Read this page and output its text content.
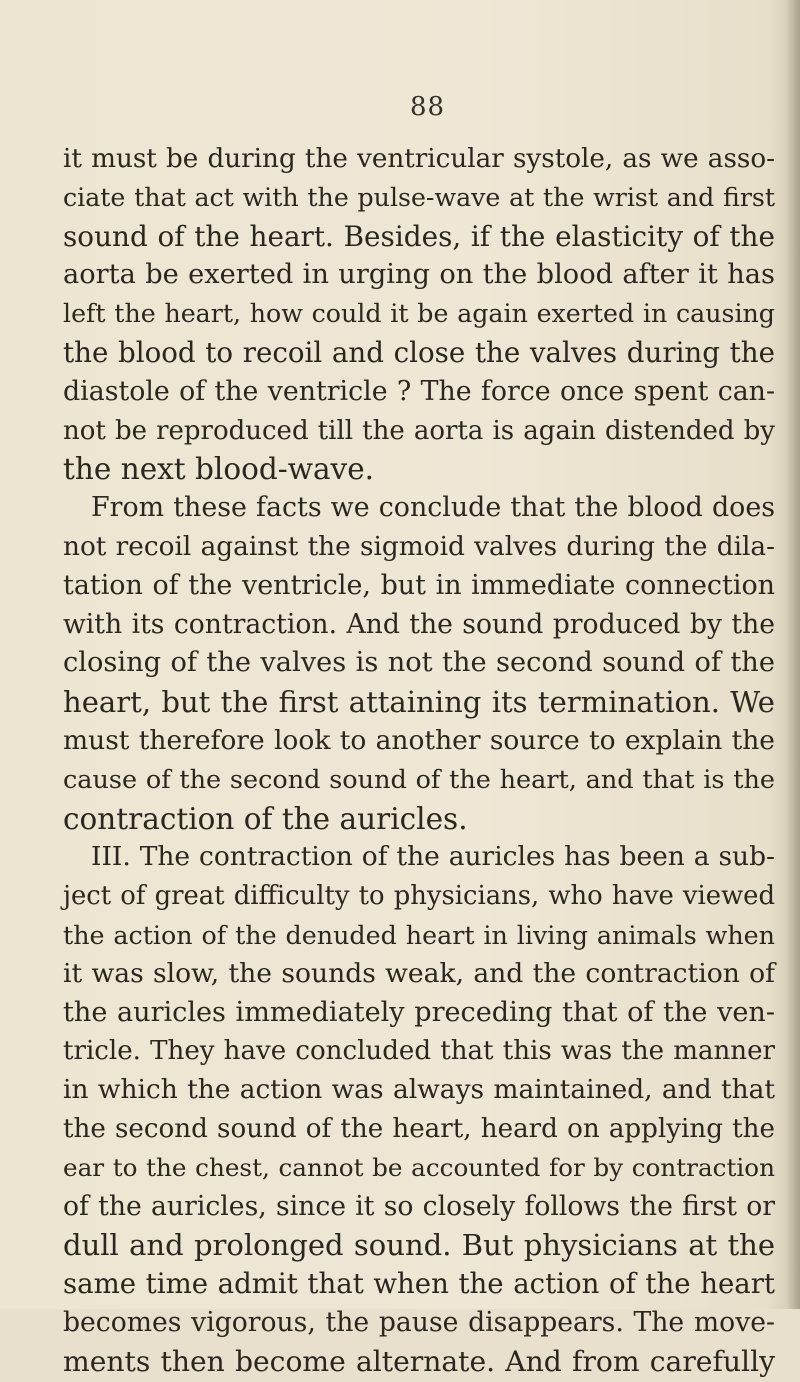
88
it must be during the ventricular systole, as we asso-
ciate that act with the pulse-wave at the wrist and first
sound of the heart. Besides, if the elasticity of the
aorta be exerted in urging on the blood after it has
left the heart, how could it be again exerted in causing
the blood to recoil and close the valves during the
diastole of the ventricle ? The force once spent can-
not be reproduced till the aorta is again distended by
the next blood-wave.
From these facts we conclude that the blood does
not recoil against the sigmoid valves during the dila-
tation of the ventricle, but in immediate connection
with its contraction. And the sound produced by the
closing of the valves is not the second sound of the
heart, but the first attaining its termination. We
must therefore look to another source to explain the
cause of the second sound of the heart, and that is the
contraction of the auricles.
III. The contraction of the auricles has been a sub-
ject of great difficulty to physicians, who have viewed
the action of the denuded heart in living animals when
it was slow, the sounds weak, and the contraction of
the auricles immediately preceding that of the ven-
tricle. They have concluded that this was the manner
in which the action was always maintained, and that
the second sound of the heart, heard on applying the
ear to the chest, cannot be accounted for by contraction
of the auricles, since it so closely follows the first or
dull and prolonged sound. But physicians at the
same time admit that when the action of the heart
becomes vigorous, the pause disappears. The move-
ments then become alternate. And from carefully
